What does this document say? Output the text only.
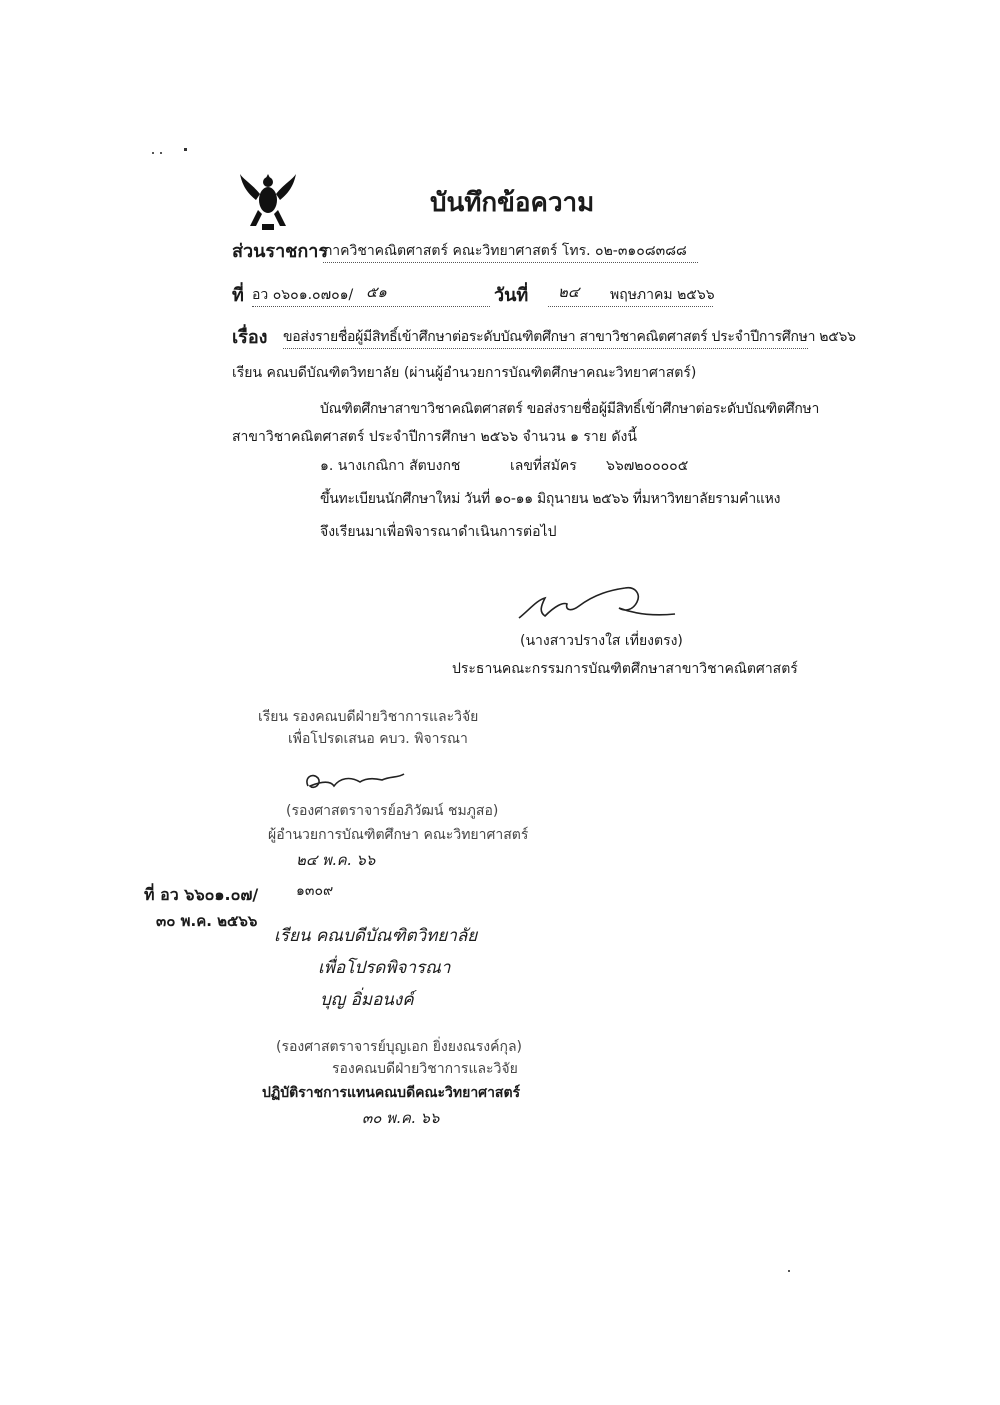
บันทึกข้อความ
ส่วนราชการ
ภาควิชาคณิตศาสตร์ คณะวิทยาศาสตร์ โทร. ๐๒-๓๑๐๘๓๘๘
ที่ อว ๐๖๐๑.๐๗๐๑/ ๕๑	วันที่ ๒๔	พฤษภาคม ๒๕๖๖
เรื่อง ขอส่งรายชื่อผู้มีสิทธิ์เข้าศึกษาต่อระดับบัณฑิตศึกษา สาขาวิชาคณิตศาสตร์ ประจำปีการศึกษา ๒๕๖๖
เรียน คณบดีบัณฑิตวิทยาลัย (ผ่านผู้อำนวยการบัณฑิตศึกษาคณะวิทยาศาสตร์)
บัณฑิตศึกษาสาขาวิชาคณิตศาสตร์ ขอส่งรายชื่อผู้มีสิทธิ์เข้าศึกษาต่อระดับบัณฑิตศึกษา
สาขาวิชาคณิตศาสตร์ ประจำปีการศึกษา ๒๕๖๖ จำนวน ๑ ราย ดังนี้
๑. นางเกณิกา สัตบงกช	เลขที่สมัคร ๖๖๗๒๐๐๐๐๕
ขึ้นทะเบียนนักศึกษาใหม่ วันที่ ๑๐-๑๑ มิถุนายน ๒๕๖๖ ที่มหาวิทยาลัยรามคำแหง
จึงเรียนมาเพื่อพิจารณาดำเนินการต่อไป
(นางสาวปรางใส เที่ยงตรง)
ประธานคณะกรรมการบัณฑิตศึกษาสาขาวิชาคณิตศาสตร์
เรียน รองคณบดีฝ่ายวิชาการและวิจัย
เพื่อโปรดเสนอ คบว. พิจารณา
(รองศาสตราจารย์อภิวัฒน์ ชมภูสอ)
ผู้อำนวยการบัณฑิตศึกษา คณะวิทยาศาสตร์
๒๔ พ.ค. ๖๖
ที่ อว ๖๖๐๑.๐๗/	๑๓๐๙
๓๐ พ.ค. ๒๕๖๖
เรียน คณบดีบัณฑิตวิทยาลัย
เพื่อโปรดพิจารณา
บุญ อิ่มอนงค์
(รองศาสตราจารย์บุญเอก ยิ่งยงณรงค์กุล)
รองคณบดีฝ่ายวิชาการและวิจัย
ปฏิบัติราชการแทนคณบดีคณะวิทยาศาสตร์
๓๐ พ.ค. ๖๖
